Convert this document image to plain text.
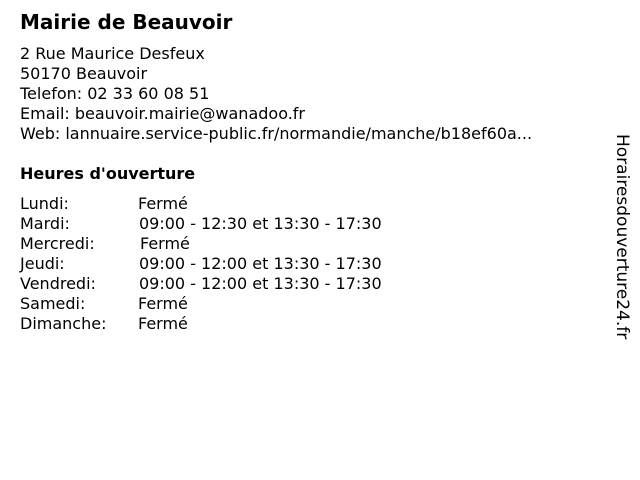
Mairie de Beauvoir
2 Rue Maurice Desfeux
50170 Beauvoir
Telefon: 02 33 60 08 51
Email: beauvoir.mairie@wanadoo.fr
Web: lannuaire.service-public.fr/normandie/manche/b18ef60a...
Heures d'ouverture
Lundi:	Fermé
Mardi:	09:00 - 12:30 et 13:30 - 17:30
Mercredi:	Fermé
Jeudi:	09:00 - 12:00 et 13:30 - 17:30
Vendredi:	09:00 - 12:00 et 13:30 - 17:30
Samedi:	Fermé
Dimanche: Fermé	Horairesdouverture24.fr
